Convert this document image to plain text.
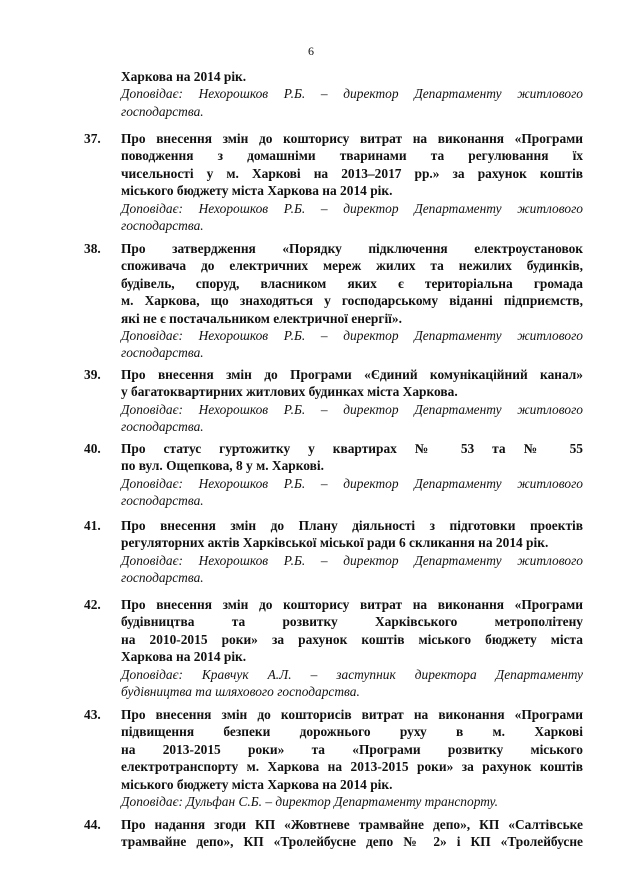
6
Харкова на 2014 рік.
Доповідає: Нехорошков Р.Б. – директор Департаменту житлового
господарства.
37. Про внесення змін до кошторису витрат на виконання «Програми
поводження з домашніми тваринами та регулювання їх
чисельності у м. Харкові на 2013–2017 рр.» за рахунок коштів
міського бюджету міста Харкова на 2014 рік.
Доповідає: Нехорошков Р.Б. – директор Департаменту житлового
господарства.
38. Про затвердження «Порядку підключення електроустановок
споживача до електричних мереж жилих та нежилих будинків,
будівель, споруд, власником яких є територіальна громада
м. Харкова, що знаходяться у господарському віданні підприємств,
які не є постачальником електричної енергії».
Доповідає: Нехорошков Р.Б. – директор Департаменту житлового
господарства.
39. Про внесення змін до Програми «Єдиний комунікаційний канал»
у багатоквартирних житлових будинках міста Харкова.
Доповідає: Нехорошков Р.Б. – директор Департаменту житлового
господарства.
40. Про статус гуртожитку у квартирах № 53 та № 55
по вул. Ощепкова, 8 у м. Харкові.
Доповідає: Нехорошков Р.Б. – директор Департаменту житлового
господарства.
41. Про внесення змін до Плану діяльності з підготовки проектів
регуляторних актів Харківської міської ради 6 скликання на 2014 рік.
Доповідає: Нехорошков Р.Б. – директор Департаменту житлового
господарства.
42. Про внесення змін до кошторису витрат на виконання «Програми
будівництва та розвитку Харківського метрополітену
на 2010-2015 роки» за рахунок коштів міського бюджету міста
Харкова на 2014 рік.
Доповідає: Кравчук А.Л. – заступник директора Департаменту
будівництва та шляхового господарства.
43. Про внесення змін до кошторисів витрат на виконання «Програми
підвищення безпеки дорожнього руху в м. Харкові
на 2013-2015 роки» та «Програми розвитку міського
електротранспорту м. Харкова на 2013-2015 роки» за рахунок коштів
міського бюджету міста Харкова на 2014 рік.
Доповідає: Дульфан С.Б. – директор Департаменту транспорту.
44. Про надання згоди КП «Жовтневе трамвайне депо», КП «Салтівське
трамвайне депо», КП «Тролейбусне депо № 2» і КП «Тролейбусне
